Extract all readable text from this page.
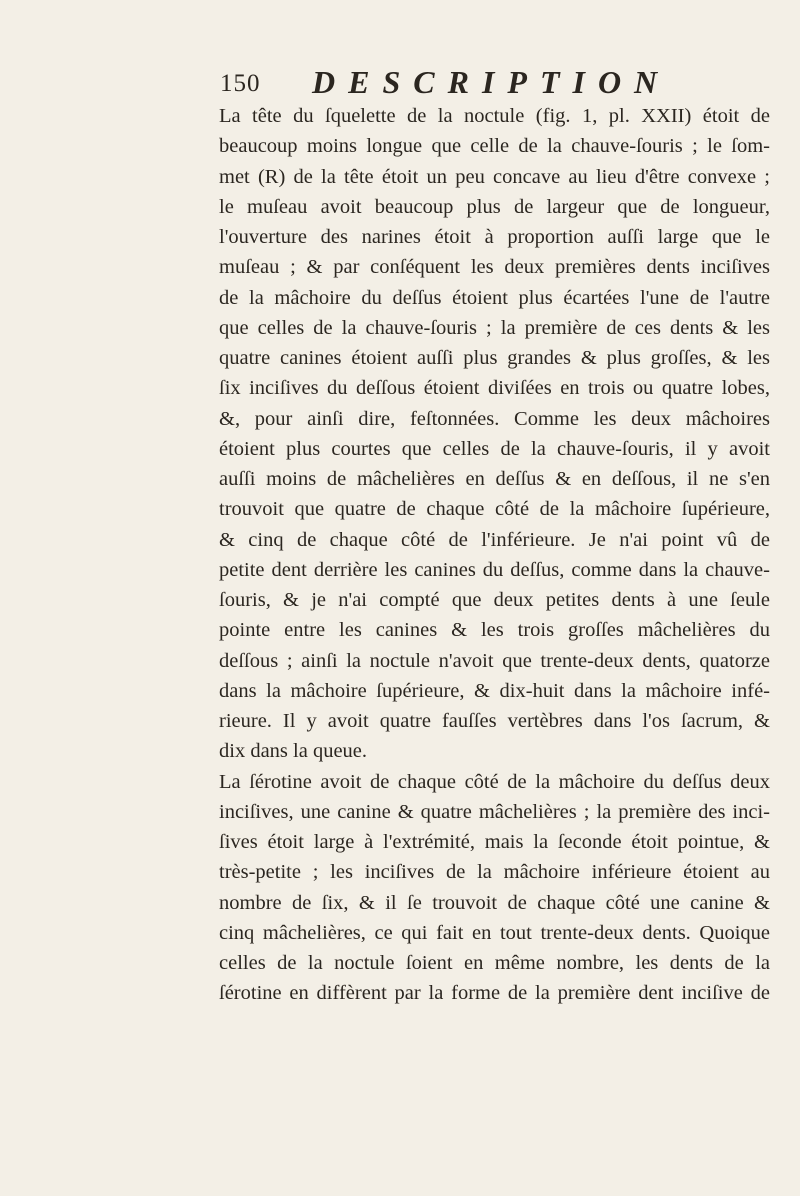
150 DESCRIPTION
La tête du ſquelette de la noctule (fig. 1, pl. XXII) étoit de
beaucoup moins longue que celle de la chauve-ſouris ; le ſom-
met (R) de la tête étoit un peu concave au lieu d'être convexe ;
le muſeau avoit beaucoup plus de largeur que de longueur,
l'ouverture des narines étoit à proportion auſſi large que le
muſeau ; & par conſéquent les deux premières dents inciſives
de la mâchoire du deſſus étoient plus écartées l'une de l'autre
que celles de la chauve-ſouris ; la première de ces dents & les
quatre canines étoient auſſi plus grandes & plus groſſes, & les
ſix inciſives du deſſous étoient diviſées en trois ou quatre lobes,
&, pour ainſi dire, feſtonnées. Comme les deux mâchoires
étoient plus courtes que celles de la chauve-ſouris, il y avoit
auſſi moins de mâchelières en deſſus & en deſſous, il ne s'en
trouvoit que quatre de chaque côté de la mâchoire ſupérieure,
& cinq de chaque côté de l'inférieure. Je n'ai point vû de
petite dent derrière les canines du deſſus, comme dans la chauve-
ſouris, & je n'ai compté que deux petites dents à une ſeule
pointe entre les canines & les trois groſſes mâchelières du
deſſous ; ainſi la noctule n'avoit que trente-deux dents, quatorze
dans la mâchoire ſupérieure, & dix-huit dans la mâchoire infé-
rieure. Il y avoit quatre fauſſes vertèbres dans l'os ſacrum, &
dix dans la queue.
La ſérotine avoit de chaque côté de la mâchoire du deſſus deux
inciſives, une canine & quatre mâchelières ; la première des inci-
ſives étoit large à l'extrémité, mais la ſeconde étoit pointue, &
très-petite ; les inciſives de la mâchoire inférieure étoient au
nombre de ſix, & il ſe trouvoit de chaque côté une canine &
cinq mâchelières, ce qui fait en tout trente-deux dents. Quoique
celles de la noctule ſoient en même nombre, les dents de la
ſérotine en diffèrent par la forme de la première dent inciſive de
